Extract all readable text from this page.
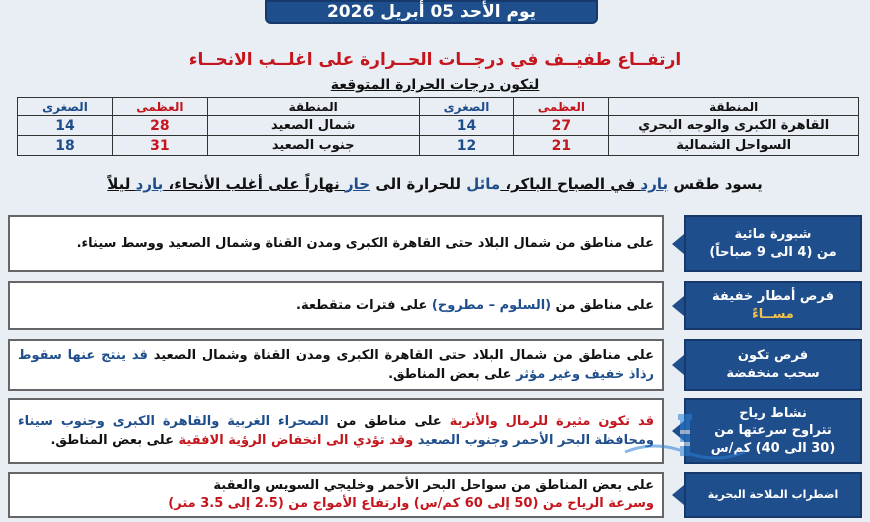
يوم الأحد 05 أبريل 2026
ارتفــاع طفيــف في درجــات الحــرارة على اغلــب الانحــاء
لتكون درجات الحرارة المتوقعة
المنطقة	العظمى	الصغرى	المنطقة	العظمى	الصغرى
القاهرة الكبرى والوجه البحري	27	14	شمال الصعيد	28	14
السواحل الشمالية	21	12	جنوب الصعيد	31	18
يسود طقس بارد في الصباح الباكر، مائل للحرارة الى حار نهاراً على أغلب الأنحاء، بارد ليلاً
شبورة مائية
من (4 الى 9 صباحاً)
على مناطق من شمال البلاد حتى القاهرة الكبرى ومدن القناة وشمال الصعيد ووسط سيناء.
فرص أمطار خفيفة
مســاءً
على مناطق من (السلوم – مطروح) على فترات متقطعة.
فرص تكون
سحب منخفضة
على مناطق من شمال البلاد حتى القاهرة الكبرى ومدن القناة وشمال الصعيد قد ينتج عنها سقوط رذاذ خفيف وغير مؤثر على بعض المناطق.
نشاط رياح
تتراوح سرعتها من
(30 الى 40) كم/س
قد تكون مثيرة للرمال والأتربة على مناطق من الصحراء الغربية والقاهرة الكبرى وجنوب سيناء ومحافظة البحر الأحمر وجنوب الصعيد وقد تؤدي الى انخفاض الرؤية الافقية على بعض المناطق.
اضطراب الملاحة البحرية
على بعض المناطق من سواحل البحر الأحمر وخليجي السويس والعقبة
وسرعة الرياح من (50 إلى 60 كم/س) وارتفاع الأمواج من (2.5 إلى 3.5 متر)
